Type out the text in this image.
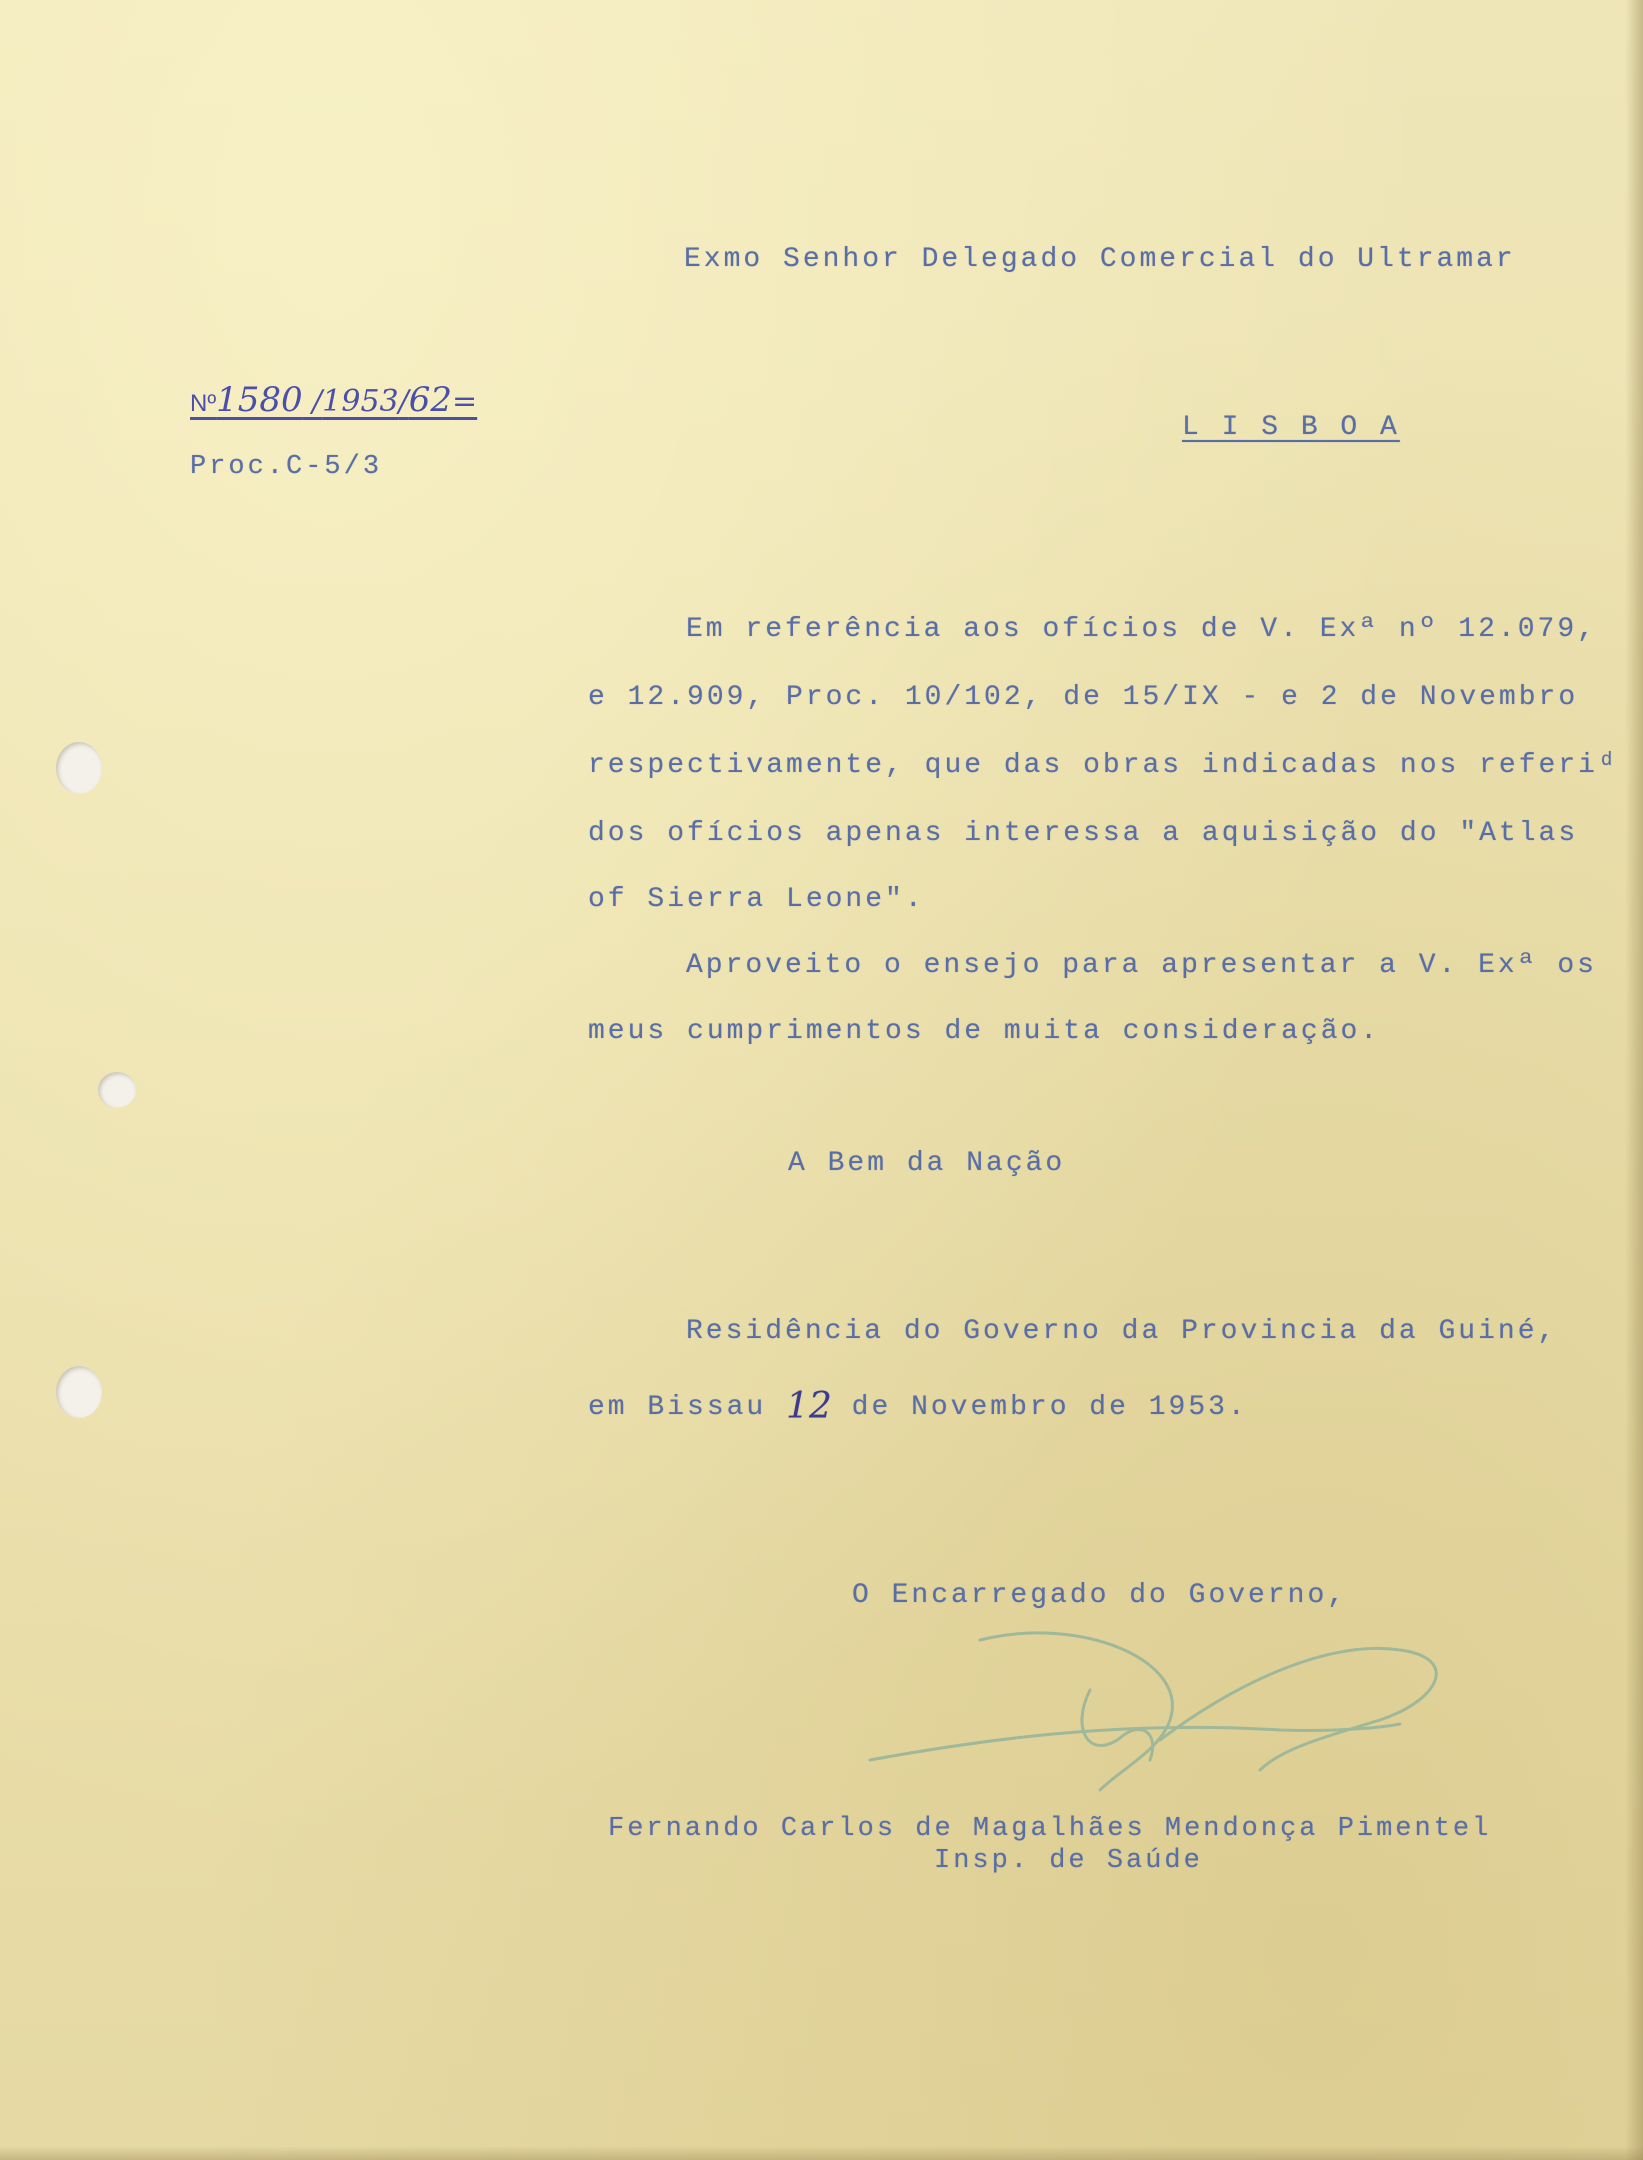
Exmo Senhor Delegado Comercial do Ultramar
L I S B O A
Nº1580 /1953/62=
Proc.C-5/3
Em referência aos ofícios de V. Exª nº 12.079,
e 12.909, Proc. 10/102, de 15/IX - e 2 de Novembro
respectivamente, que das obras indicadas nos referiᵈ
dos ofícios apenas interessa a aquisição do "Atlas
of Sierra Leone".
Aproveito o ensejo para apresentar a V. Exª os
meus cumprimentos de muita consideração.
A Bem da Nação
Residência do Governo da Provincia da Guiné,
em Bissau 12 de Novembro de 1953.
O Encarregado do Governo,
Fernando Carlos de Magalhães Mendonça Pimentel
Insp. de Saúde
